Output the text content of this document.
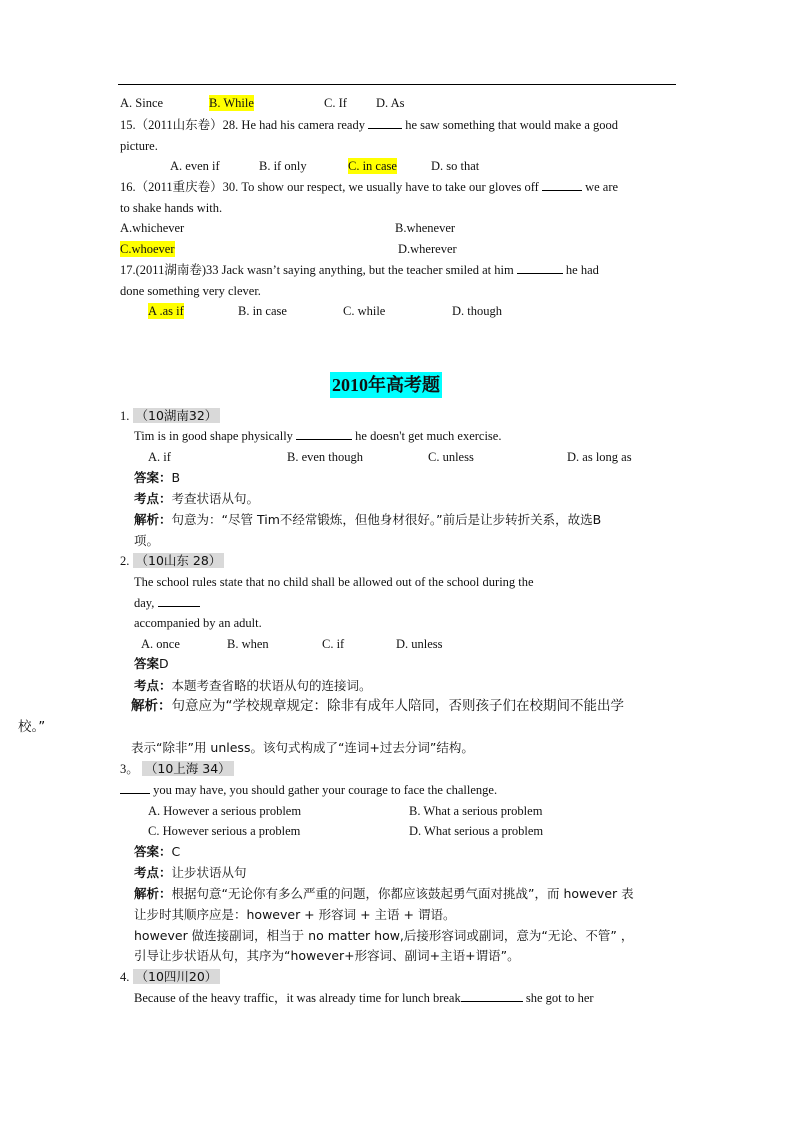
A. Since	B. While	C. If D. As
15.（2011山东卷）28. He had his camera ready	he saw something that would make a good
picture.
A. even if	B. if only	C. in case	D. so that
16.（2011重庆卷）30. To show our respect, we usually have to take our gloves off	we are
to shake hands with.
A.whichever	B.whenever
C.whoever	D.wherever
17.(2011湖南卷)33 Jack wasn’t saying anything, but the teacher smiled at him	he had
done something very clever.
A .as if	B. in case	C. while	D. though
2010年高考题
1. （10湖南32）
Tim is in good shape physically	he doesn't get much exercise.
A. if	B. even though	C. unless	D. as long as
答案：B
考点：考查状语从句。
解析：句意为：“尽管 Tim不经常锻炼，但他身材很好。”前后是让步转折关系，故选B
项。
2. （10山东 28）
The school rules state that no child shall be allowed out of the school during the
day,
accompanied by an adult.
A. once	B. when	C. if	D. unless
答案D
考点：本题考查省略的状语从句的连接词。
解析：句意应为“学校规章规定：除非有成年人陪同，否则孩子们在校期间不能出学
校。”
表示“除非”用 unless。该句式构成了“连词+过去分词”结构。
3。 （10上海 34）
you may have, you should gather your courage to face the challenge.
A. However a serious problem	B. What a serious problem
C. However serious a problem	D. What serious a problem
答案：C
考点：让步状语从句
解析：根据句意“无论你有多么严重的问题，你都应该鼓起勇气面对挑战”，而 however 表
让步时其顺序应是：however + 形容词 + 主语 + 谓语。
however 做连接副词，相当于 no matter how,后接形容词或副词，意为“无论、不管” ，
引导让步状语从句，其序为“however+形容词、副词+主语+谓语”。
4. （10四川20）
Because of the heavy traffic，it was already time for lunch break	she got to her
